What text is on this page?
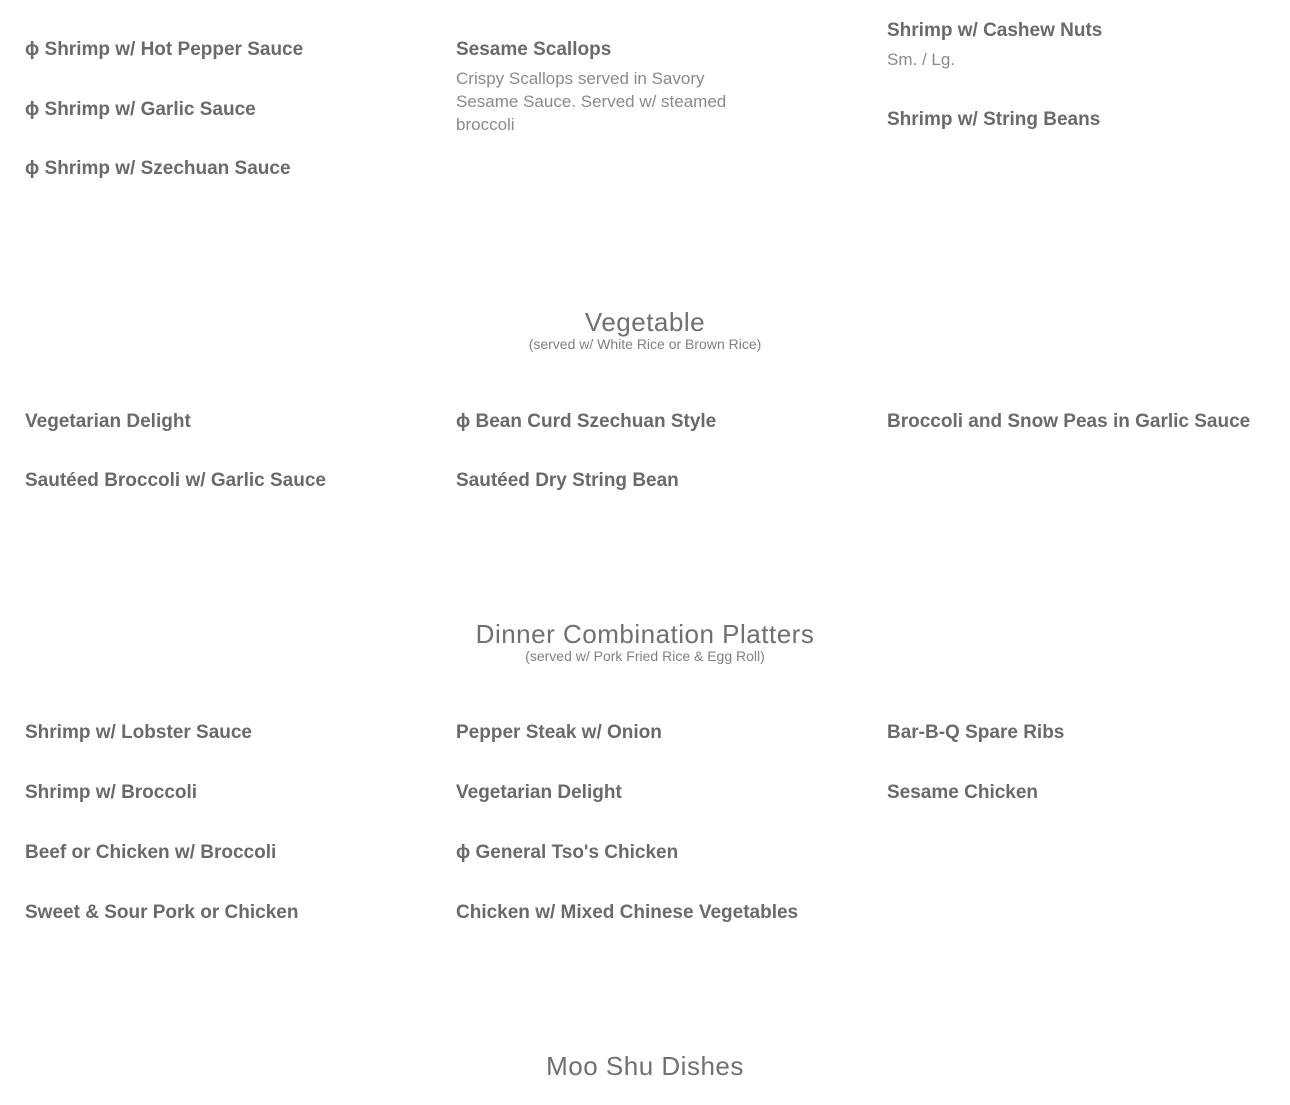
ϕ Shrimp w/ Hot Pepper Sauce
ϕ Shrimp w/ Garlic Sauce
ϕ Shrimp w/ Szechuan Sauce
Sesame Scallops
Crispy Scallops served in Savory Sesame Sauce. Served w/ steamed broccoli
Shrimp w/ Cashew Nuts
Sm. / Lg.
Shrimp w/ String Beans
Vegetable
(served w/ White Rice or Brown Rice)
Vegetarian Delight
Sautéed Broccoli w/ Garlic Sauce
ϕ Bean Curd Szechuan Style
Sautéed Dry String Bean
Broccoli and Snow Peas in Garlic Sauce
Dinner Combination Platters
(served w/ Pork Fried Rice & Egg Roll)
Shrimp w/ Lobster Sauce
Shrimp w/ Broccoli
Beef or Chicken w/ Broccoli
Sweet & Sour Pork or Chicken
Pepper Steak w/ Onion
Vegetarian Delight
ϕ General Tso's Chicken
Chicken w/ Mixed Chinese Vegetables
Bar-B-Q Spare Ribs
Sesame Chicken
Moo Shu Dishes
